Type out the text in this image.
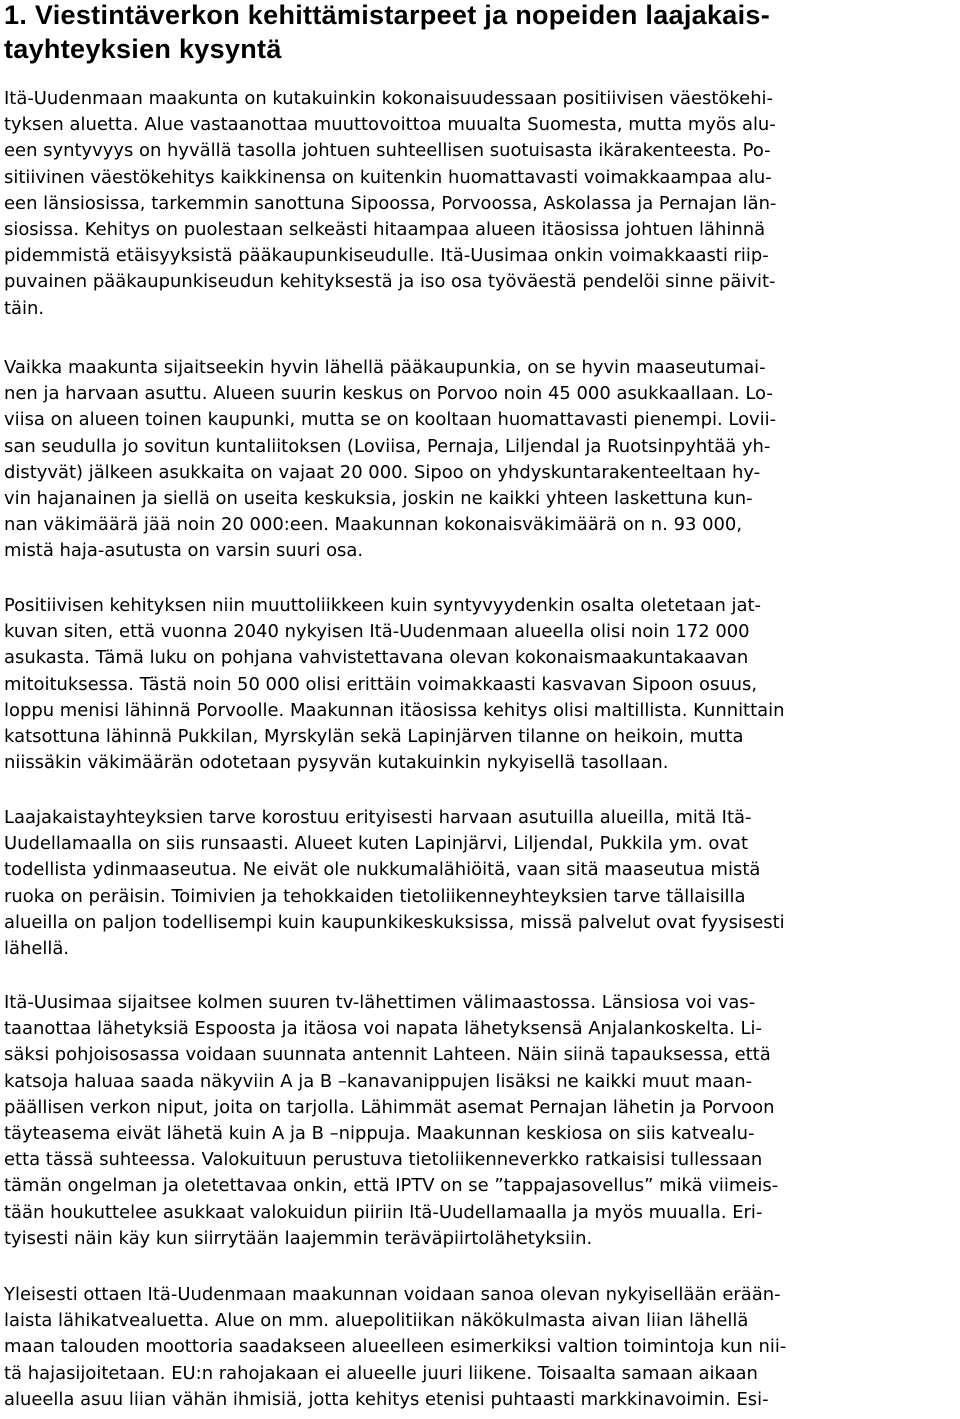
1. Viestintäverkon kehittämistarpeet ja nopeiden laajakais-
tayhteyksien kysyntä

Itä-Uudenmaan maakunta on kutakuinkin kokonaisuudessaan positiivisen väestökehi-
tyksen aluetta. Alue vastaanottaa muuttovoittoa muualta Suomesta, mutta myös alu-
een syntyvyys on hyvällä tasolla johtuen suhteellisen suotuisasta ikärakenteesta. Po-
sitiivinen väestökehitys kaikkinensa on kuitenkin huomattavasti voimakkaampaa alu-
een länsiosissa, tarkemmin sanottuna Sipoossa, Porvoossa, Askolassa ja Pernajan län-
siosissa. Kehitys on puolestaan selkeästi hitaampaa alueen itäosissa johtuen lähinnä
pidemmistä etäisyyksistä pääkaupunkiseudulle. Itä-Uusimaa onkin voimakkaasti riip-
puvainen pääkaupunkiseudun kehityksestä ja iso osa työväestä pendelöi sinne päivit-
täin.

Vaikka maakunta sijaitseekin hyvin lähellä pääkaupunkia, on se hyvin maaseutumai-
nen ja harvaan asuttu. Alueen suurin keskus on Porvoo noin 45 000 asukkaallaan. Lo-
viisa on alueen toinen kaupunki, mutta se on kooltaan huomattavasti pienempi. Lovii-
san seudulla jo sovitun kuntaliitoksen (Loviisa, Pernaja, Liljendal ja Ruotsinpyhtää yh-
distyvät) jälkeen asukkaita on vajaat 20 000. Sipoo on yhdyskuntarakenteeltaan hy-
vin hajanainen ja siellä on useita keskuksia, joskin ne kaikki yhteen laskettuna kun-
nan väkimäärä jää noin 20 000:een. Maakunnan kokonaisväkimäärä on n. 93 000,
mistä haja-asutusta on varsin suuri osa.

Positiivisen kehityksen niin muuttoliikkeen kuin syntyvyydenkin osalta oletetaan jat-
kuvan siten, että vuonna 2040 nykyisen Itä-Uudenmaan alueella olisi noin 172 000
asukasta. Tämä luku on pohjana vahvistettavana olevan kokonaismaakuntakaavan
mitoituksessa. Tästä noin 50 000 olisi erittäin voimakkaasti kasvavan Sipoon osuus,
loppu menisi lähinnä Porvoolle. Maakunnan itäosissa kehitys olisi maltillista. Kunnittain
katsottuna lähinnä Pukkilan, Myrskylän sekä Lapinjärven tilanne on heikoin, mutta
niissäkin väkimäärän odotetaan pysyvän kutakuinkin nykyisellä tasollaan.

Laajakaistayhteyksien tarve korostuu erityisesti harvaan asutuilla alueilla, mitä Itä-
Uudellamaalla on siis runsaasti. Alueet kuten Lapinjärvi, Liljendal, Pukkila ym. ovat
todellista ydinmaaseutua. Ne eivät ole nukkumalähiöitä, vaan sitä maaseutua mistä
ruoka on peräisin. Toimivien ja tehokkaiden tietoliikenneyhteyksien tarve tällaisilla
alueilla on paljon todellisempi kuin kaupunkikeskuksissa, missä palvelut ovat fyysisesti
lähellä.

Itä-Uusimaa sijaitsee kolmen suuren tv-lähettimen välimaastossa. Länsiosa voi vas-
taanottaa lähetyksiä Espoosta ja itäosa voi napata lähetyksensä Anjalankoskelta. Li-
säksi pohjoisosassa voidaan suunnata antennit Lahteen. Näin siinä tapauksessa, että
katsoja haluaa saada näkyviin A ja B –kanavanippujen lisäksi ne kaikki muut maan-
päällisen verkon niput, joita on tarjolla. Lähimmät asemat Pernajan lähetin ja Porvoon
täyteasema eivät lähetä kuin A ja B –nippuja. Maakunnan keskiosa on siis katvealu-
etta tässä suhteessa. Valokuituun perustuva tietoliikenneverkko ratkaisisi tullessaan
tämän ongelman ja oletettavaa onkin, että IPTV on se ”tappajasovellus” mikä viimeis-
tään houkuttelee asukkaat valokuidun piiriin Itä-Uudellamaalla ja myös muualla. Eri-
tyisesti näin käy kun siirrytään laajemmin teräväpiirtolähetyksiin.

Yleisesti ottaen Itä-Uudenmaan maakunnan voidaan sanoa olevan nykyisellään erään-
laista lähikatvealuetta. Alue on mm. aluepolitiikan näkökulmasta aivan liian lähellä
maan talouden moottoria saadakseen alueelleen esimerkiksi valtion toimintoja kun nii-
tä hajasijoitetaan. EU:n rahojakaan ei alueelle juuri liikene. Toisaalta samaan aikaan
alueella asuu liian vähän ihmisiä, jotta kehitys etenisi puhtaasti markkinavoimin. Esi-
